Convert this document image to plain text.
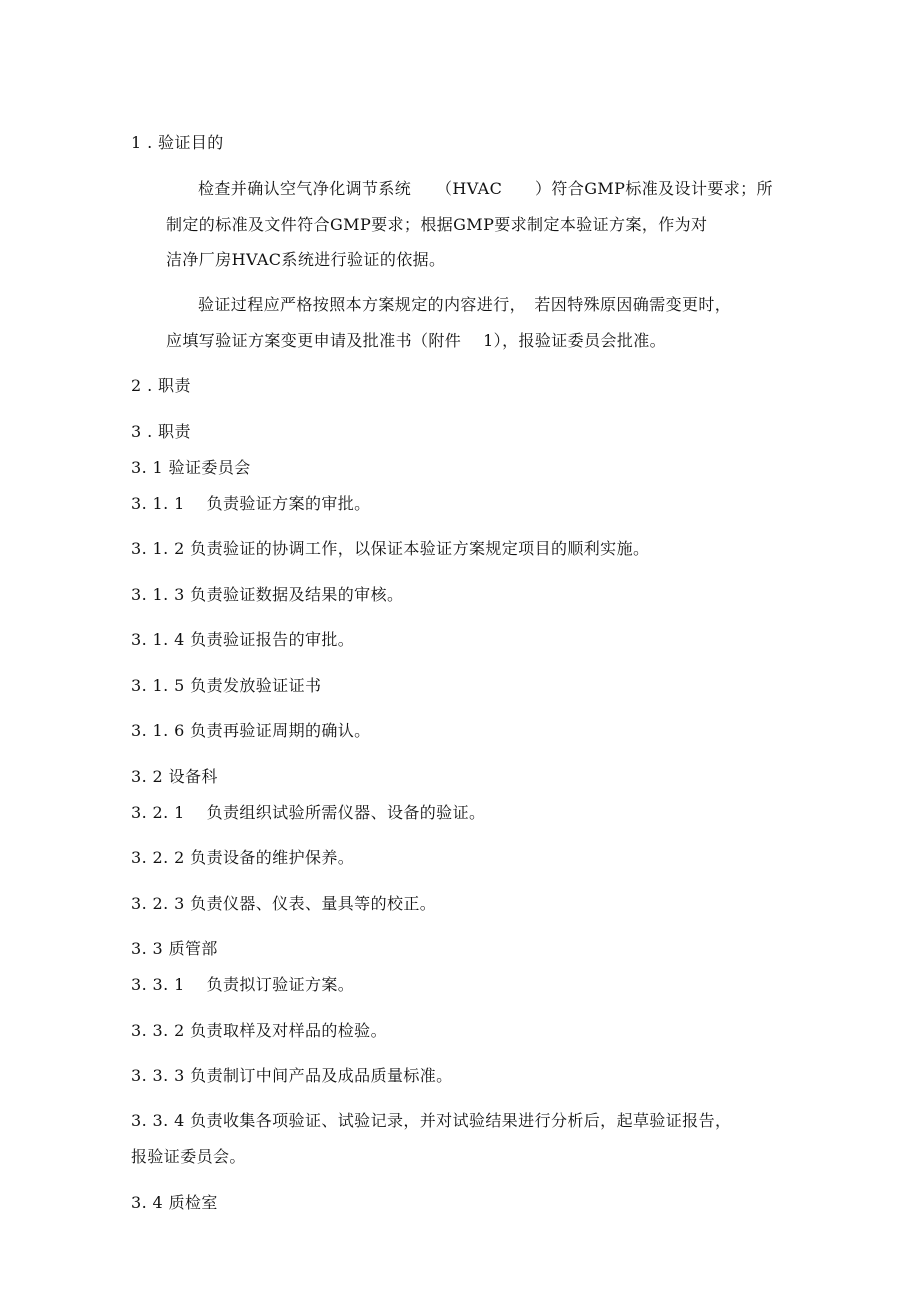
1 . 验证目的
检查并确认空气净化调节系统　　（HVAC　　）符合GMP标准及设计要求；所
制定的标准及文件符合GMP要求；根据GMP要求制定本验证方案，作为对
洁净厂房HVAC系统进行验证的依据。
验证过程应严格按照本方案规定的内容进行，　若因特殊原因确需变更时，
应填写验证方案变更申请及批准书（附件　 1），报验证委员会批准。
2 . 职责
3 . 职责
3. 1 验证委员会
3. 1. 1　 负责验证方案的审批。
3. 1. 2 负责验证的协调工作，以保证本验证方案规定项目的顺利实施。
3. 1. 3 负责验证数据及结果的审核。
3. 1. 4 负责验证报告的审批。
3. 1. 5 负责发放验证证书
3. 1. 6 负责再验证周期的确认。
3. 2 设备科
3. 2. 1　 负责组织试验所需仪器、设备的验证。
3. 2. 2 负责设备的维护保养。
3. 2. 3 负责仪器、仪表、量具等的校正。
3. 3 质管部
3. 3. 1　 负责拟订验证方案。
3. 3. 2 负责取样及对样品的检验。
3. 3. 3 负责制订中间产品及成品质量标准。
3. 3. 4 负责收集各项验证、试验记录，并对试验结果进行分析后，起草验证报告，
报验证委员会。
3. 4 质检室
